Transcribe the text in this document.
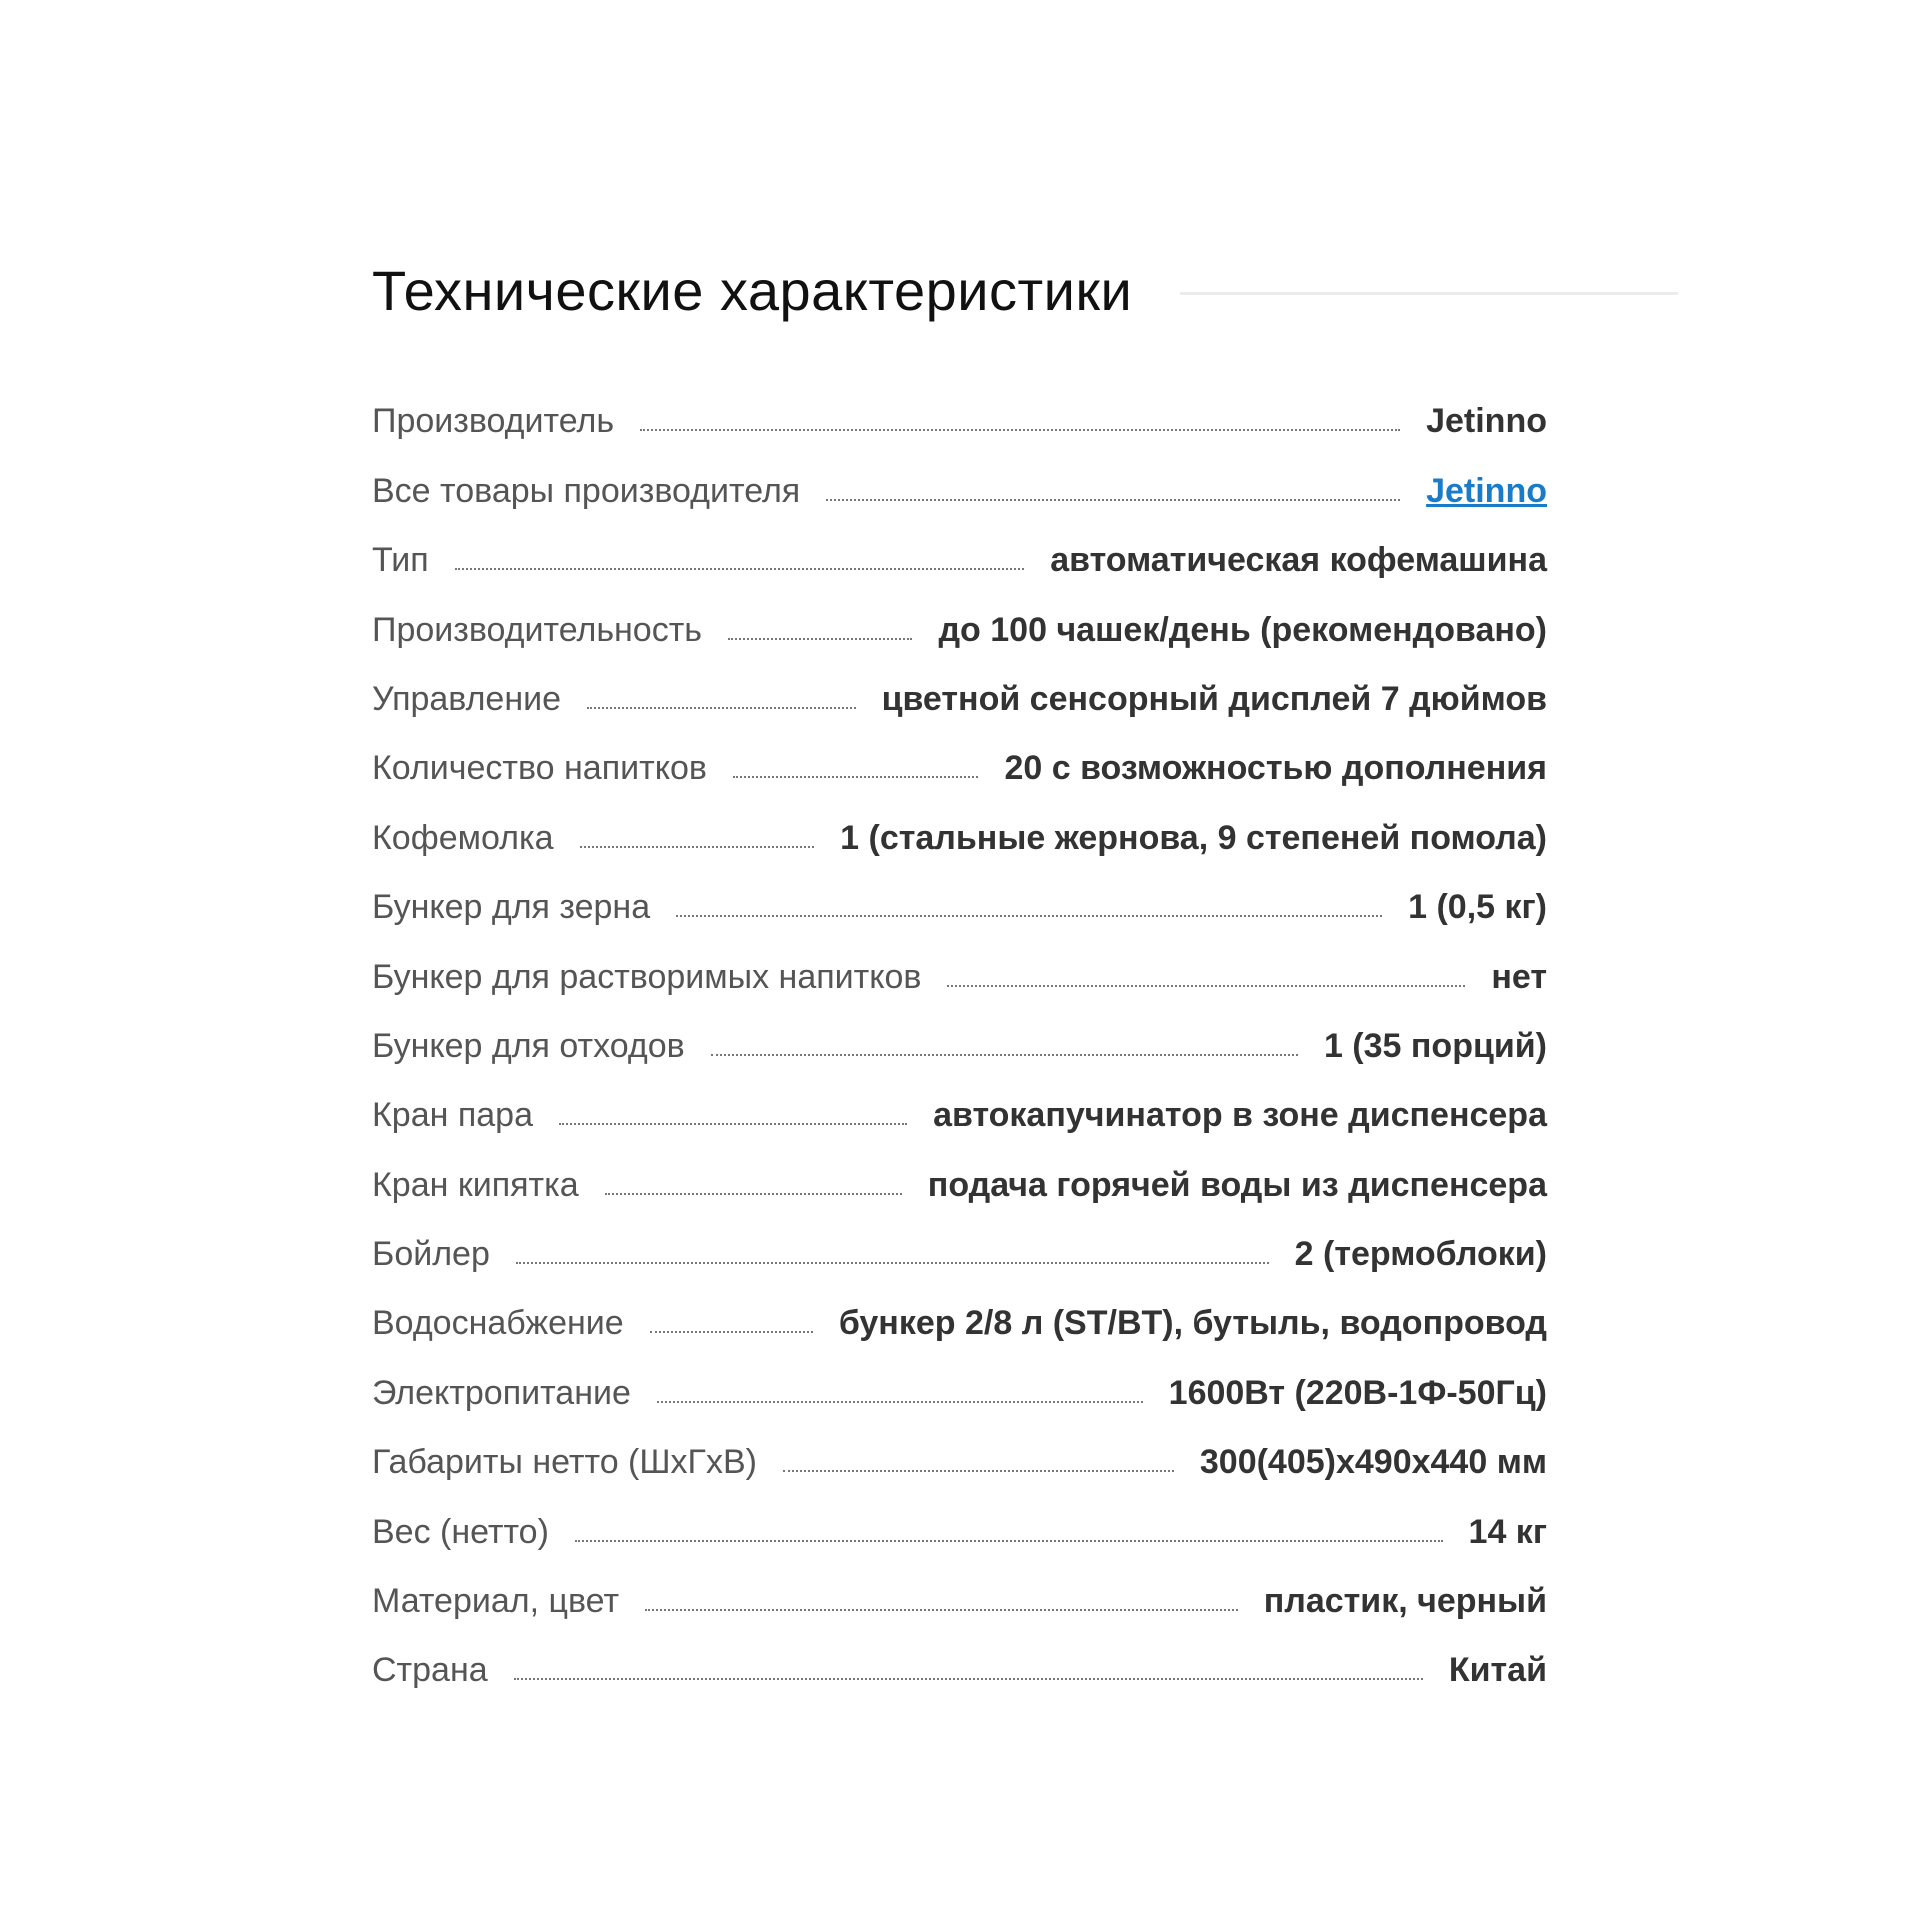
Технические характеристики
Производитель	Jetinno
Все товары производителя	Jetinno
Тип	автоматическая кофемашина
Производительность	до 100 чашек/день (рекомендовано)
Управление	цветной сенсорный дисплей 7 дюймов
Количество напитков	20 с возможностью дополнения
Кофемолка	1 (стальные жернова, 9 степеней помола)
Бункер для зерна	1 (0,5 кг)
Бункер для растворимых напитков	нет
Бункер для отходов	1 (35 порций)
Кран пара	автокапучинатор в зоне диспенсера
Кран кипятка	подача горячей воды из диспенсера
Бойлер	2 (термоблоки)
Водоснабжение	бункер 2/8 л (ST/BT), бутыль, водопровод
Электропитание	1600Вт (220В-1Ф-50Гц)
Габариты нетто (ШхГхВ)	300(405)х490х440 мм
Вес (нетто)	14 кг
Материал, цвет	пластик, черный
Страна	Китай
